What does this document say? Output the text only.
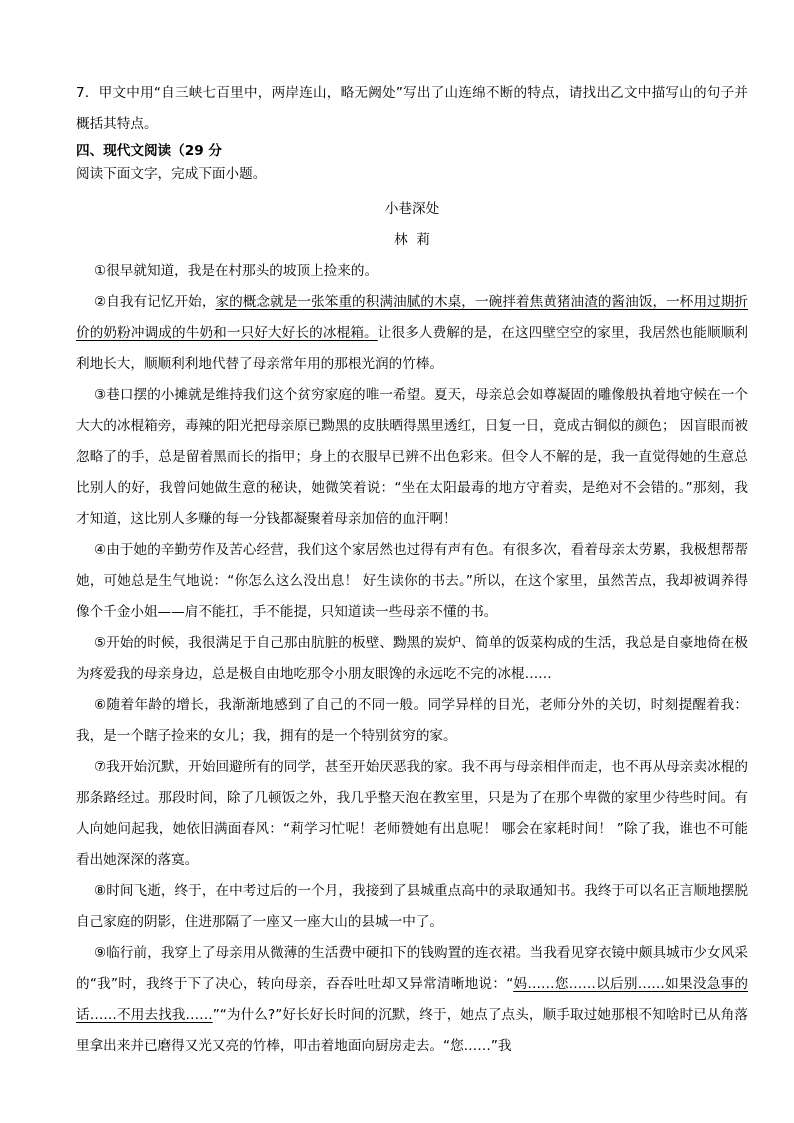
7．甲文中用“自三峡七百里中，两岸连山，略无阙处”写出了山连绵不断的特点，请找出乙文中描写山的句子并概括其特点。

四、现代文阅读（29 分

阅读下面文字，完成下面小题。

小巷深处
林  莉

①很早就知道，我是在村那头的坡顶上捡来的。

②自我有记忆开始，家的概念就是一张笨重的积满油腻的木桌，一碗拌着焦黄猪油渣的酱油饭，一杯用过期折价的奶粉冲调成的牛奶和一只好大好长的冰棍箱。让很多人费解的是，在这四壁空空的家里，我居然也能顺顺利利地长大，顺顺利利地代替了母亲常年用的那根光润的竹棒。

③巷口摆的小摊就是维持我们这个贫穷家庭的唯一希望。夏天，母亲总会如尊凝固的雕像般执着地守候在一个大大的冰棍箱旁，毒辣的阳光把母亲原已黝黑的皮肤晒得黑里透红，日复一日，竟成古铜似的颜色； 因盲眼而被忽略了的手，总是留着黑而长的指甲；身上的衣服早已辨不出色彩来。但令人不解的是，我一直觉得她的生意总比别人的好，我曾问她做生意的秘诀，她微笑着说：“坐在太阳最毒的地方守着卖，是绝对不会错的。”那刻，我才知道，这比别人多赚的每一分钱都凝聚着母亲加倍的血汗啊！

④由于她的辛勤劳作及苦心经营，我们这个家居然也过得有声有色。有很多次，看着母亲太劳累，我极想帮帮她，可她总是生气地说：“你怎么这么没出息！ 好生读你的书去。”所以，在这个家里，虽然苦点，我却被调养得像个千金小姐——肩不能扛，手不能提，只知道读一些母亲不懂的书。

⑤开始的时候，我很满足于自己那由肮脏的板壁、黝黑的炭炉、简单的饭菜构成的生活，我总是自豪地倚在极为疼爱我的母亲身边，总是极自由地吃那令小朋友眼馋的永远吃不完的冰棍……

⑥随着年龄的增长，我渐渐地感到了自己的不同一般。同学异样的目光，老师分外的关切，时刻提醒着我：我，是一个瞎子捡来的女儿；我，拥有的是一个特别贫穷的家。

⑦我开始沉默，开始回避所有的同学，甚至开始厌恶我的家。我不再与母亲相伴而走，也不再从母亲卖冰棍的那条路经过。那段时间，除了几顿饭之外，我几乎整天泡在教室里，只是为了在那个卑微的家里少待些时间。有人向她问起我，她依旧满面春风：“莉学习忙呢！老师赞她有出息呢！ 哪会在家耗时间！ ”除了我，谁也不可能看出她深深的落寞。

⑧时间飞逝，终于，在中考过后的一个月，我接到了县城重点高中的录取通知书。我终于可以名正言顺地摆脱自己家庭的阴影，住进那隔了一座又一座大山的县城一中了。

⑨临行前，我穿上了母亲用从微薄的生活费中硬扣下的钱购置的连衣裙。当我看见穿衣镜中颇具城市少女风采的“我”时，我终于下了决心，转向母亲，吞吞吐吐却又异常清晰地说：“妈……您……以后别……如果没急事的话……不用去找我……”“为什么?”好长好长时间的沉默，终于，她点了点头，顺手取过她那根不知啥时已从角落里拿出来并已磨得又光又亮的竹棒，叩击着地面向厨房走去。“您……”我
